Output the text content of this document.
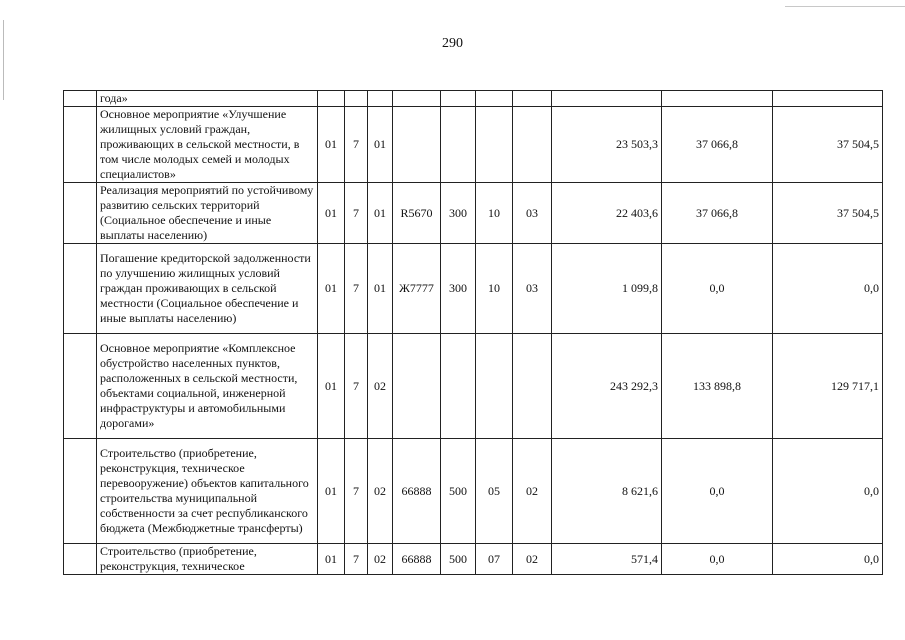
290

	года»										

	Основное мероприятие «Улучшение жилищных условий граждан, проживающих в сельской местности, в том числе молодых семей и молодых специалистов»	01	7	01					23 503,3	37 066,8	37 504,5

	Реализация мероприятий по устойчивому развитию сельских территорий (Социальное обеспечение и иные выплаты населению)	01	7	01	R5670	300	10	03	22 403,6	37 066,8	37 504,5

	Погашение кредиторской задолженности по улучшению жилищных условий граждан проживающих в сельской местности (Социальное обеспечение и иные выплаты населению)	01	7	01	Ж7777	300	10	03	1 099,8	0,0	0,0

	Основное мероприятие «Комплексное обустройство населенных пунктов, расположенных в сельской местности, объектами социальной, инженерной инфраструктуры и автомобильными дорогами»	01	7	02					243 292,3	133 898,8	129 717,1

	Строительство (приобретение, реконструкция, техническое перевооружение) объектов капитального строительства муниципальной собственности за счет республиканского бюджета (Межбюджетные трансферты)	01	7	02	66888	500	05	02	8 621,6	0,0	0,0

	Строительство (приобретение, реконструкция, техническое	01	7	02	66888	500	07	02	571,4	0,0	0,0
